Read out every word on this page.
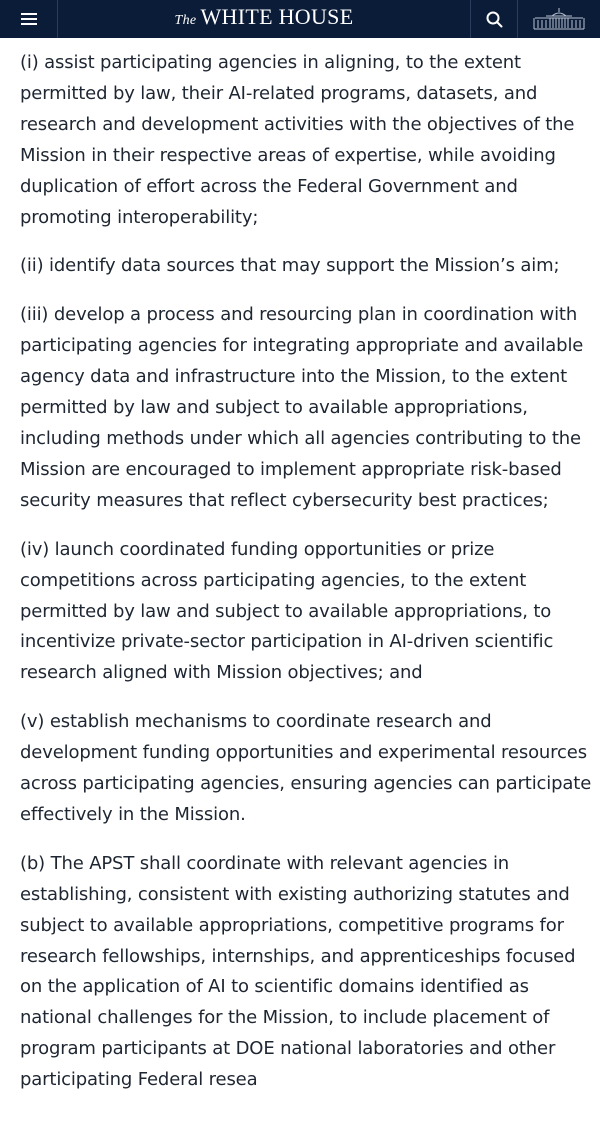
The WHITE HOUSE

(i) assist participating agencies in aligning, to the extent permitted by law, their AI-related programs, datasets, and research and development activities with the objectives of the Mission in their respective areas of expertise, while avoiding duplication of effort across the Federal Government and promoting interoperability;

(ii) identify data sources that may support the Mission’s aim;

(iii) develop a process and resourcing plan in coordination with participating agencies for integrating appropriate and available agency data and infrastructure into the Mission, to the extent permitted by law and subject to available appropriations, including methods under which all agencies contributing to the Mission are encouraged to implement appropriate risk-based security measures that reflect cybersecurity best practices;

(iv) launch coordinated funding opportunities or prize competitions across participating agencies, to the extent permitted by law and subject to available appropriations, to incentivize private-sector participation in AI-driven scientific research aligned with Mission objectives; and

(v) establish mechanisms to coordinate research and development funding opportunities and experimental resources across participating agencies, ensuring agencies can participate effectively in the Mission.

(b) The APST shall coordinate with relevant agencies in establishing, consistent with existing authorizing statutes and subject to available appropriations, competitive programs for research fellowships, internships, and apprenticeships focused on the application of AI to scientific domains identified as national challenges for the Mission, to include placement of program participants at DOE national laboratories and other participating Federal resea
